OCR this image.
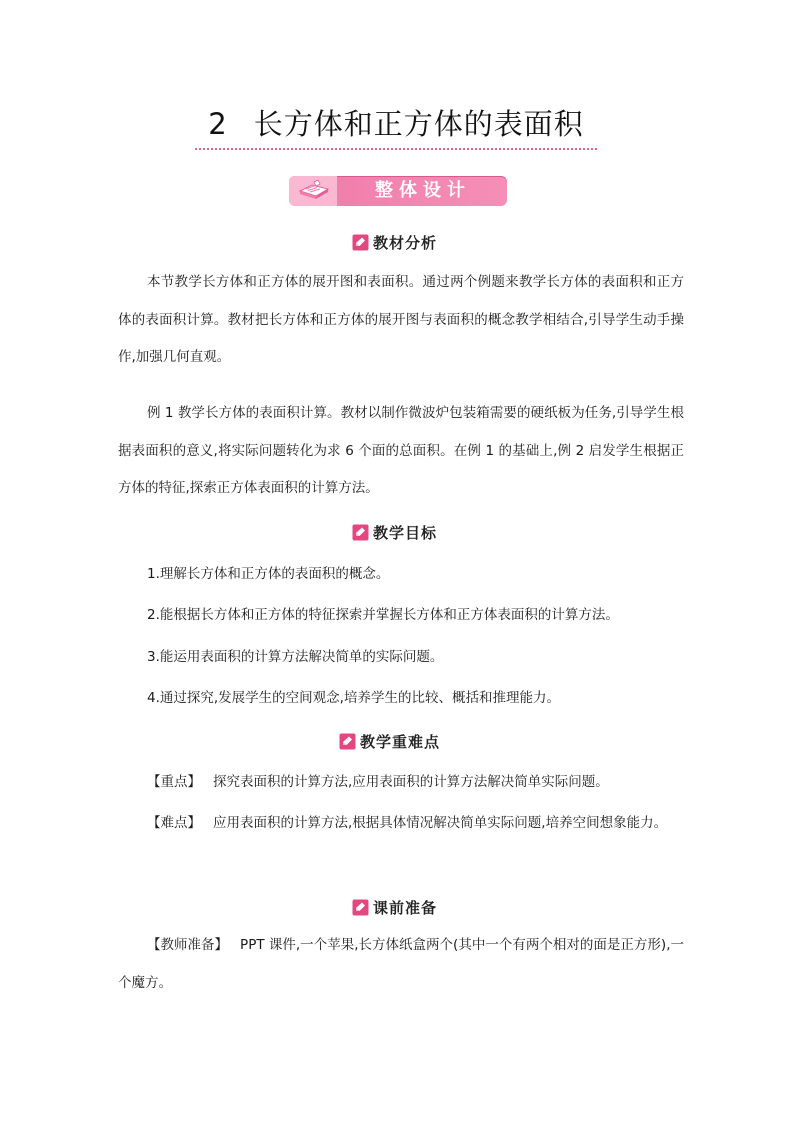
2 长方体和正方体的表面积
整体设计
教材分析

本节教学长方体和正方体的展开图和表面积。通过两个例题来教学长方体的表面积和正方体的表面积计算。教材把长方体和正方体的展开图与表面积的概念教学相结合,引导学生动手操作,加强几何直观。

例 1 教学长方体的表面积计算。教材以制作微波炉包装箱需要的硬纸板为任务,引导学生根据表面积的意义,将实际问题转化为求 6 个面的总面积。在例 1 的基础上,例 2 启发学生根据正方体的特征,探索正方体表面积的计算方法。

教学目标
1.理解长方体和正方体的表面积的概念。
2.能根据长方体和正方体的特征探索并掌握长方体和正方体表面积的计算方法。
3.能运用表面积的计算方法解决简单的实际问题。
4.通过探究,发展学生的空间观念,培养学生的比较、概括和推理能力。
教学重难点
【重点】 探究表面积的计算方法,应用表面积的计算方法解决简单实际问题。

【难点】 应用表面积的计算方法,根据具体情况解决简单实际问题,培养空间想象能力。

课前准备

【教师准备】 PPT 课件,一个苹果,长方体纸盒两个(其中一个有两个相对的面是正方形),一个魔方。
